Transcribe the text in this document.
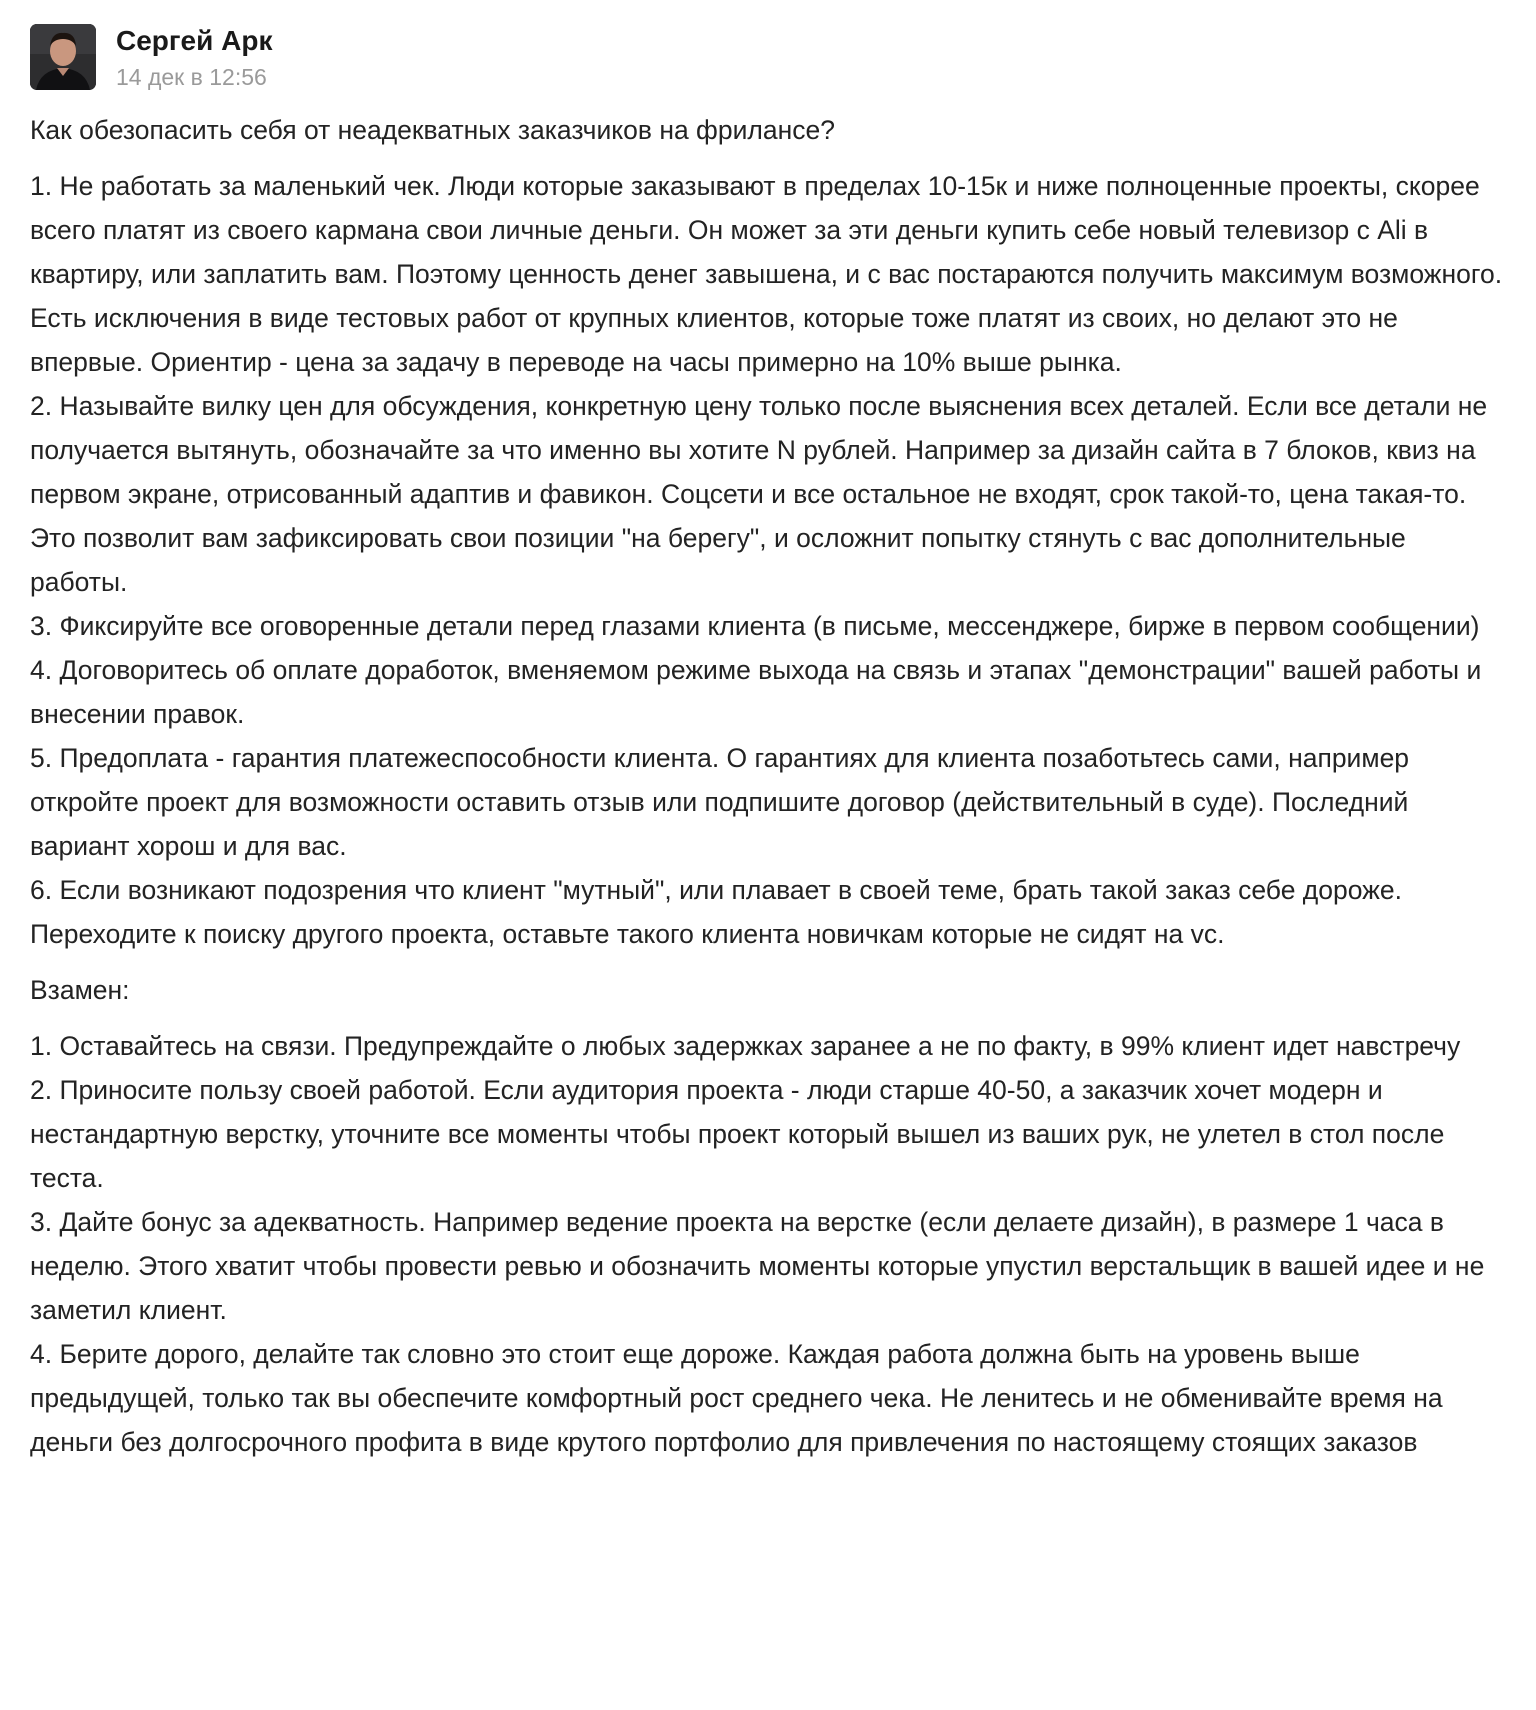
Сергей Арк
14 дек в 12:56

Как обезопасить себя от неадекватных заказчиков на фрилансе?

1. Не работать за маленький чек. Люди которые заказывают в пределах 10-15к и ниже полноценные проекты, скорее всего платят из своего кармана свои личные деньги. Он может за эти деньги купить себе новый телевизор с Ali в квартиру, или заплатить вам. Поэтому ценность денег завышена, и с вас постараются получить максимум возможного. Есть исключения в виде тестовых работ от крупных клиентов, которые тоже платят из своих, но делают это не впервые. Ориентир - цена за задачу в переводе на часы примерно на 10% выше рынка.
2. Называйте вилку цен для обсуждения, конкретную цену только после выяснения всех деталей. Если все детали не получается вытянуть, обозначайте за что именно вы хотите N рублей. Например за дизайн сайта в 7 блоков, квиз на первом экране, отрисованный адаптив и фавикон. Соцсети и все остальное не входят, срок такой-то, цена такая-то. Это позволит вам зафиксировать свои позиции "на берегу", и осложнит попытку стянуть с вас дополнительные работы.
3. Фиксируйте все оговоренные детали перед глазами клиента (в письме, мессенджере, бирже в первом сообщении)
4. Договоритесь об оплате доработок, вменяемом режиме выхода на связь и этапах "демонстрации" вашей работы и внесении правок.
5. Предоплата - гарантия платежеспособности клиента. О гарантиях для клиента позаботьтесь сами, например откройте проект для возможности оставить отзыв или подпишите договор (действительный в суде). Последний вариант хорош и для вас.
6. Если возникают подозрения что клиент "мутный", или плавает в своей теме, брать такой заказ себе дороже. Переходите к поиску другого проекта, оставьте такого клиента новичкам которые не сидят на vc.

Взамен:

1. Оставайтесь на связи. Предупреждайте о любых задержках заранее а не по факту, в 99% клиент идет навстречу
2. Приносите пользу своей работой. Если аудитория проекта - люди старше 40-50, а заказчик хочет модерн и нестандартную верстку, уточните все моменты чтобы проект который вышел из ваших рук, не улетел в стол после теста.
3. Дайте бонус за адекватность. Например ведение проекта на верстке (если делаете дизайн), в размере 1 часа в неделю. Этого хватит чтобы провести ревью и обозначить моменты которые упустил верстальщик в вашей идее и не заметил клиент.
4. Берите дорого, делайте так словно это стоит еще дороже. Каждая работа должна быть на уровень выше предыдущей, только так вы обеспечите комфортный рост среднего чека. Не ленитесь и не обменивайте время на деньги без долгосрочного профита в виде крутого портфолио для привлечения по настоящему стоящих заказов
